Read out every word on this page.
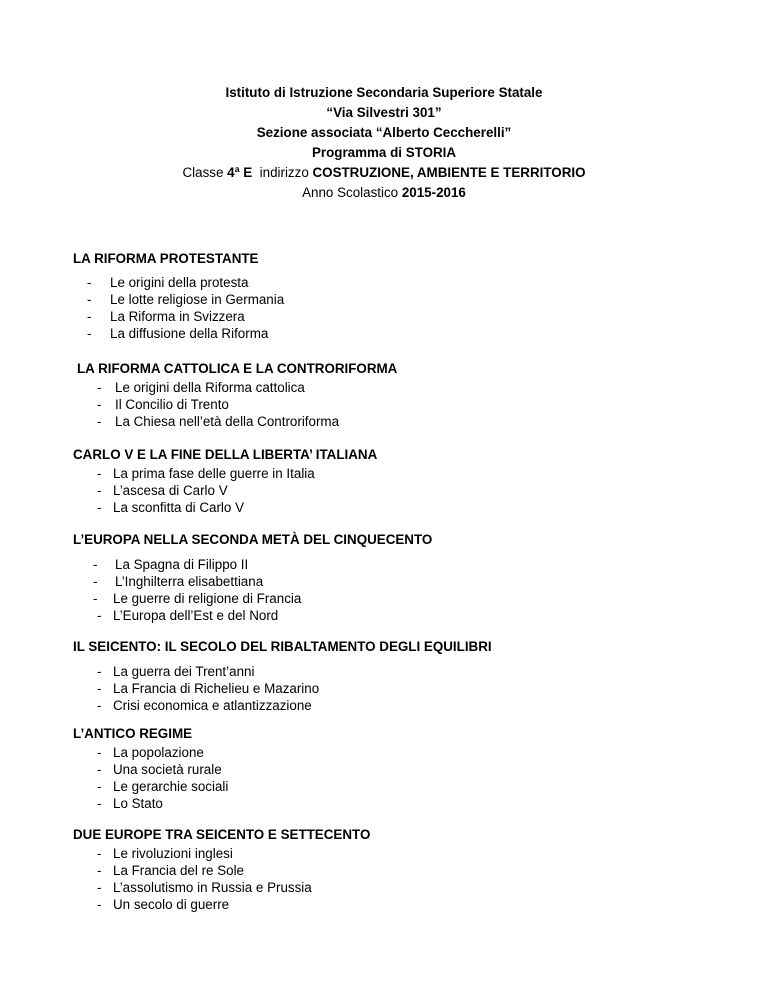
Istituto di Istruzione Secondaria Superiore Statale
“Via Silvestri 301”
Sezione associata “Alberto Ceccherelli”
Programma di STORIA
Classe 4ª E  indirizzo COSTRUZIONE, AMBIENTE E TERRITORIO
Anno Scolastico 2015-2016
LA RIFORMA PROTESTANTE
- Le origini della protesta
- Le lotte religiose in Germania
- La Riforma in Svizzera
- La diffusione della Riforma
LA RIFORMA CATTOLICA E LA CONTRORIFORMA
- Le origini della Riforma cattolica
- Il Concilio di Trento
- La Chiesa nell’età della Controriforma
CARLO V E LA FINE DELLA LIBERTA’ ITALIANA
- La prima fase delle guerre in Italia
- L’ascesa di Carlo V
- La sconfitta di Carlo V
L’EUROPA NELLA SECONDA METÀ DEL CINQUECENTO
- La Spagna di Filippo II
- L’Inghilterra elisabettiana
- Le guerre di religione di Francia
- L’Europa dell’Est e del Nord
IL SEICENTO: IL SECOLO DEL RIBALTAMENTO DEGLI EQUILIBRI
- La guerra dei Trent’anni
- La Francia di Richelieu e Mazarino
- Crisi economica e atlantizzazione
L’ANTICO REGIME
- La popolazione
- Una società rurale
- Le gerarchie sociali
- Lo Stato
DUE EUROPE TRA SEICENTO E SETTECENTO
- Le rivoluzioni inglesi
- La Francia del re Sole
- L’assolutismo in Russia e Prussia
- Un secolo di guerre
